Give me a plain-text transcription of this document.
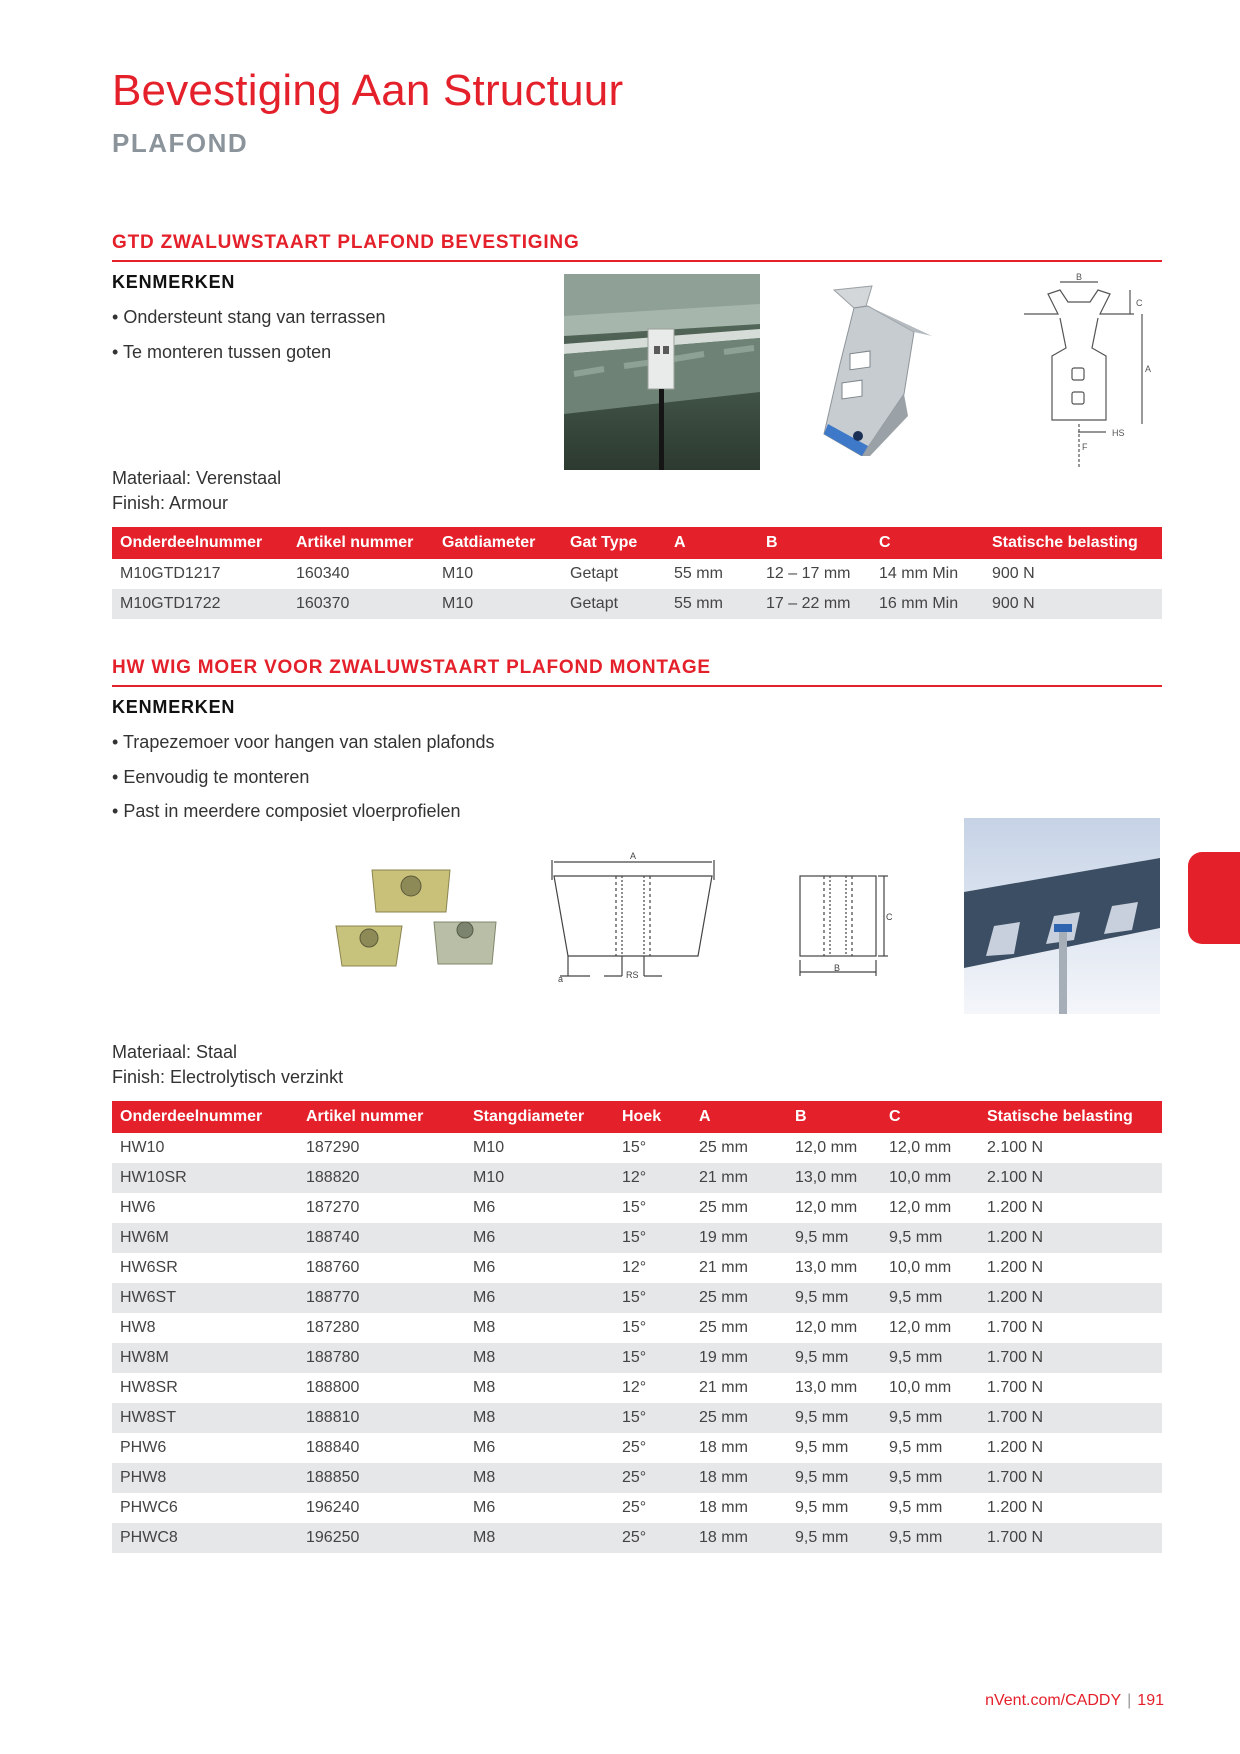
Bevestiging Aan Structuur
PLAFOND
GTD ZWALUWSTAART PLAFOND BEVESTIGING
KENMERKEN
• Ondersteunt stang van terrassen
• Te monteren tussen goten
B
C
A
HS
F
Materiaal: Verenstaal
Finish: Armour
Onderdeelnummer	Artikel nummer	Gatdiameter	Gat Type	A	B	C	Statische belasting
M10GTD1217	160340	M10	Getapt	55 mm	12 – 17 mm	14 mm Min	900 N
M10GTD1722	160370	M10	Getapt	55 mm	17 – 22 mm	16 mm Min	900 N
HW WIG MOER VOOR ZWALUWSTAART PLAFOND MONTAGE
KENMERKEN
• Trapezemoer voor hangen van stalen plafonds
• Eenvoudig te monteren
• Past in meerdere composiet vloerprofielen
A
a	RS
C
B
Materiaal: Staal
Finish: Electrolytisch verzinkt
Onderdeelnummer	Artikel nummer	Stangdiameter	Hoek	A	B	C	Statische belasting
HW10	187290	M10	15°	25 mm	12,0 mm	12,0 mm	2.100 N
HW10SR	188820	M10	12°	21 mm	13,0 mm	10,0 mm	2.100 N
HW6	187270	M6	15°	25 mm	12,0 mm	12,0 mm	1.200 N
HW6M	188740	M6	15°	19 mm	9,5 mm	9,5 mm	1.200 N
HW6SR	188760	M6	12°	21 mm	13,0 mm	10,0 mm	1.200 N
HW6ST	188770	M6	15°	25 mm	9,5 mm	9,5 mm	1.200 N
HW8	187280	M8	15°	25 mm	12,0 mm	12,0 mm	1.700 N
HW8M	188780	M8	15°	19 mm	9,5 mm	9,5 mm	1.700 N
HW8SR	188800	M8	12°	21 mm	13,0 mm	10,0 mm	1.700 N
HW8ST	188810	M8	15°	25 mm	9,5 mm	9,5 mm	1.700 N
PHW6	188840	M6	25°	18 mm	9,5 mm	9,5 mm	1.200 N
PHW8	188850	M8	25°	18 mm	9,5 mm	9,5 mm	1.700 N
PHWC6	196240	M6	25°	18 mm	9,5 mm	9,5 mm	1.200 N
PHWC8	196250	M8	25°	18 mm	9,5 mm	9,5 mm	1.700 N
nVent.com/CADDY | 191
